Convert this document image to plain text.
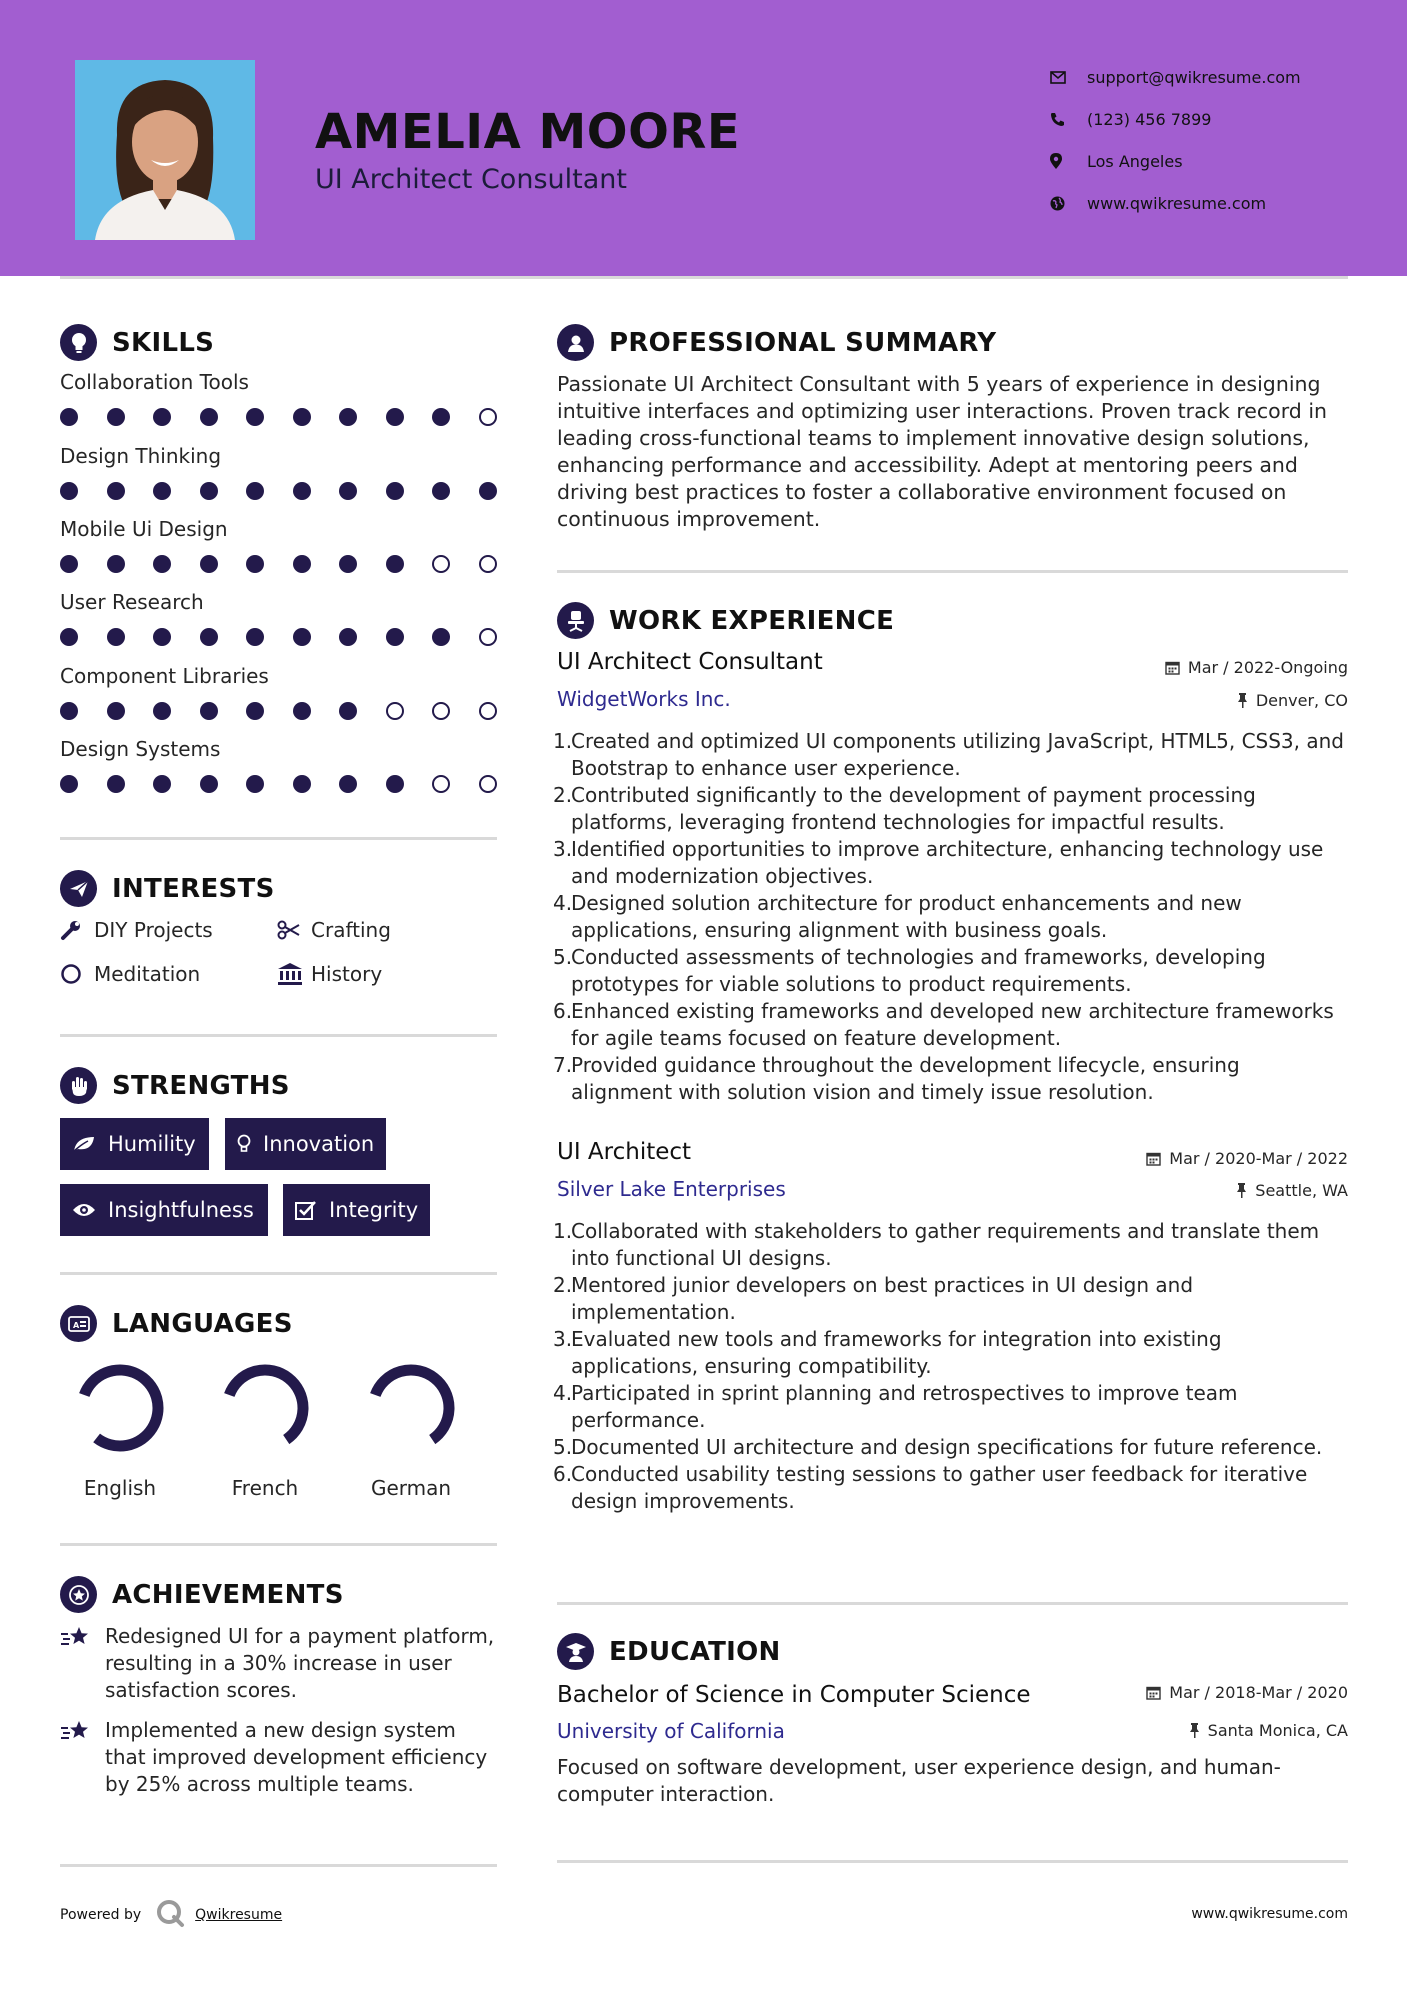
AMELIA MOORE
UI Architect Consultant
support@qwikresume.com
(123) 456 7899
Los Angeles
www.qwikresume.com
SKILLS
Collaboration Tools
Design Thinking
Mobile Ui Design
User Research
Component Libraries
Design Systems
INTERESTS
DIY Projects	Crafting
Meditation	History
STRENGTHS
Humility	Innovation
Insightfulness	Integrity
A LANGUAGES
English	French	German
ACHIEVEMENTS
Redesigned UI for a payment platform, resulting in a 30% increase in user satisfaction scores.
Implemented a new design system that improved development efficiency by 25% across multiple teams.
PROFESSIONAL SUMMARY
Passionate UI Architect Consultant with 5 years of experience in designing intuitive interfaces and optimizing user interactions. Proven track record in leading cross-functional teams to implement innovative design solutions, enhancing performance and accessibility. Adept at mentoring peers and driving best practices to foster a collaborative environment focused on continuous improvement.
WORK EXPERIENCE
UI Architect Consultant	Mar / 2022-Ongoing
WidgetWorks Inc.	Denver, CO
1.
Created and optimized UI components utilizing JavaScript, HTML5, CSS3, and Bootstrap to enhance user experience.
2.
Contributed significantly to the development of payment processing platforms, leveraging frontend technologies for impactful results.
3.
Identified opportunities to improve architecture, enhancing technology use and modernization objectives.
4.
Designed solution architecture for product enhancements and new applications, ensuring alignment with business goals.
5.
Conducted assessments of technologies and frameworks, developing prototypes for viable solutions to product requirements.
6.
Enhanced existing frameworks and developed new architecture frameworks for agile teams focused on feature development.
7.
Provided guidance throughout the development lifecycle, ensuring alignment with solution vision and timely issue resolution.
UI Architect	Mar / 2020-Mar / 2022
Silver Lake Enterprises	Seattle, WA
1.
Collaborated with stakeholders to gather requirements and translate them into functional UI designs.
2.
Mentored junior developers on best practices in UI design and implementation.
3.
Evaluated new tools and frameworks for integration into existing applications, ensuring compatibility.
4.
Participated in sprint planning and retrospectives to improve team performance.
5.
Documented UI architecture and design specifications for future reference.
6.
Conducted usability testing sessions to gather user feedback for iterative design improvements.
EDUCATION
Bachelor of Science in Computer Science	Mar / 2018-Mar / 2020
University of California	Santa Monica, CA
Focused on software development, user experience design, and human-computer interaction.
Powered by	Qwikresume	www.qwikresume.com
